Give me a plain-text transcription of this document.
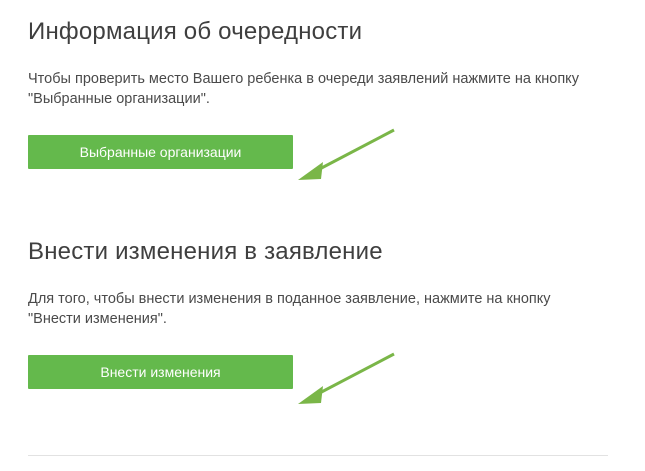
Информация об очередности

Чтобы проверить место Вашего ребенка в очереди заявлений нажмите на кнопку "Выбранные организации".

Выбранные организации
Внести изменения в заявление

Для того, чтобы внести изменения в поданное заявление, нажмите на кнопку "Внести изменения".

Внести изменения
